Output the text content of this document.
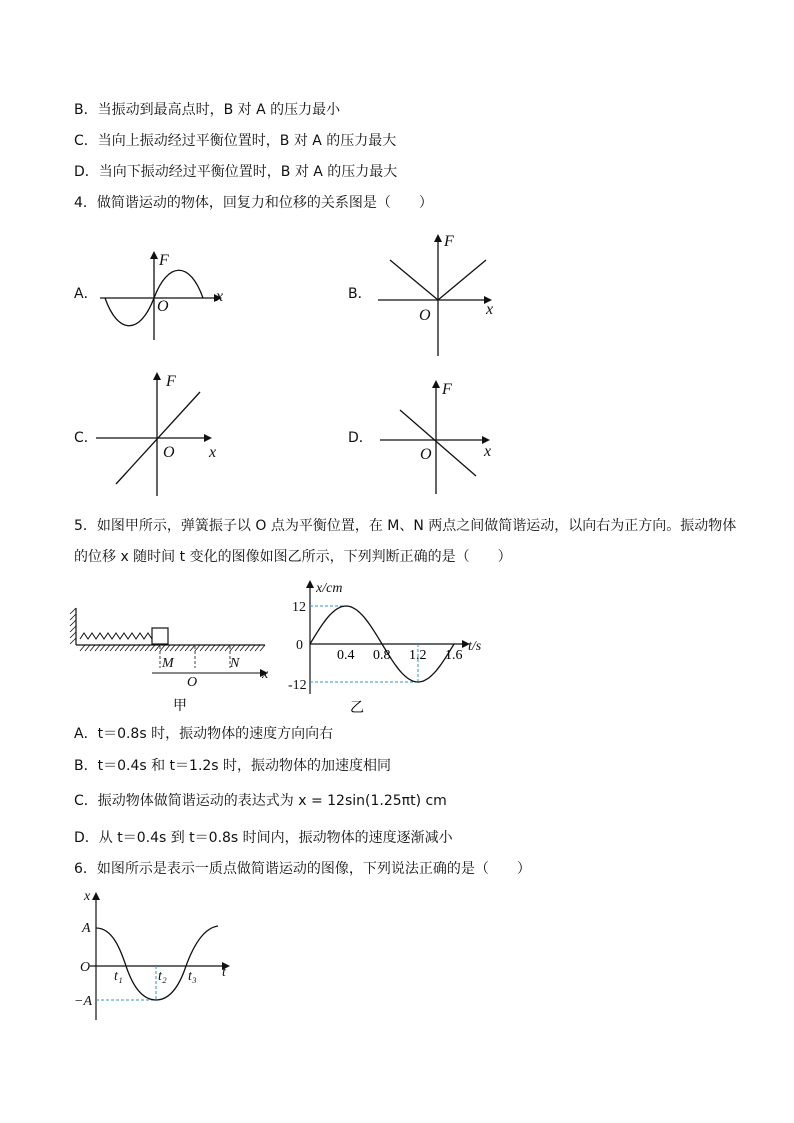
B．当振动到最高点时，B 对 A 的压力最小
C．当向上振动经过平衡位置时，B 对 A 的压力最大
D．当向下振动经过平衡位置时，B 对 A 的压力最大
4．做简谐运动的物体，回复力和位移的关系图是（　　）
A．
F
x
O
B．
F
x
O
C．
F
x
O
D．
F
x
O
5．如图甲所示，弹簧振子以 O 点为平衡位置，在 M、N 两点之间做简谐运动，以向右为正方向。振动物体
的位移 x 随时间 t 变化的图像如图乙所示，下列判断正确的是（　　）
M	N
O
x
甲
0.4 0.8 1.2 1.6
x/cm
t/s
0
12
-12
乙
A．t＝0.8s 时，振动物体的速度方向向右
B．t＝0.4s 和 t＝1.2s 时，振动物体的加速度相同
C．振动物体做简谐运动的表达式为 x = 12sin(1.25πt) cm
D．从 t＝0.4s 到 t＝0.8s 时间内，振动物体的速度逐渐减小
6．如图所示是表示一质点做简谐运动的图像，下列说法正确的是（　　）
x
t
O
A
−A
t₁	t₂ t₃
